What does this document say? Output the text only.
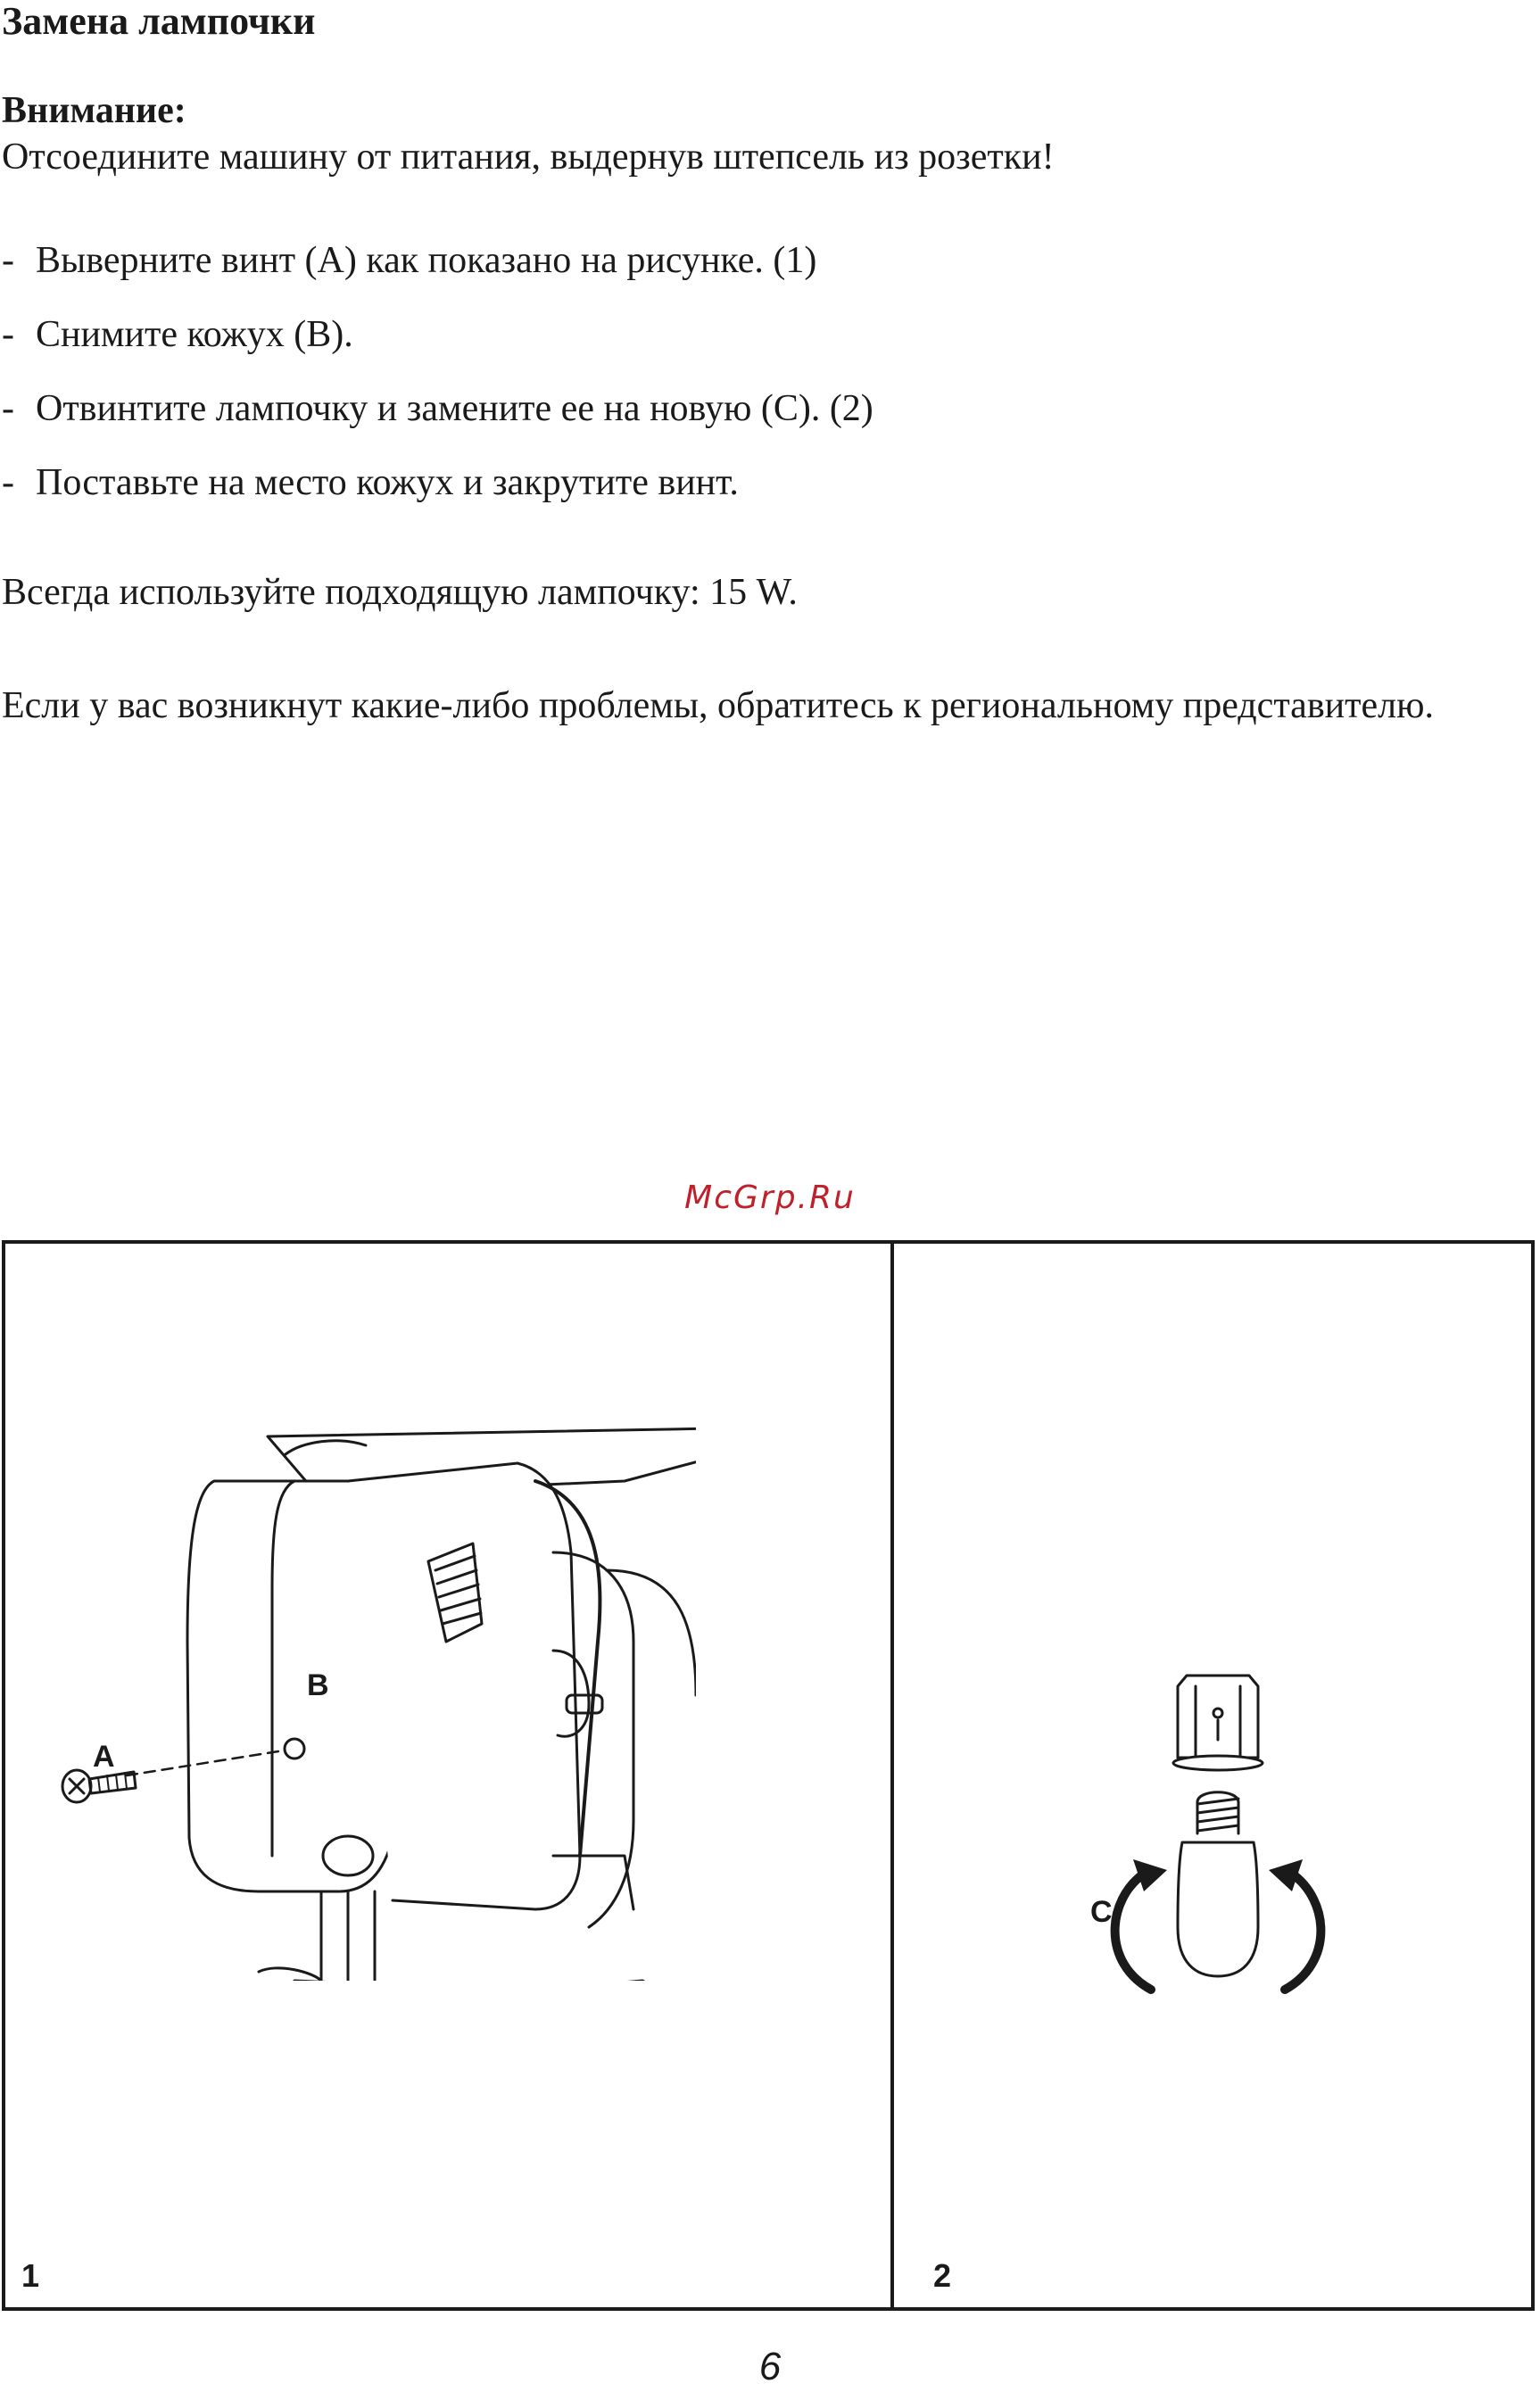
Замена лампочки
Внимание:
Отсоедините машину от питания, выдернув штепсель из розетки!
- Выверните винт (A) как показано на рисунке. (1)
- Снимите кожух (B).
- Отвинтите лампочку и замените ее на новую (C). (2)
- Поставьте на место кожух и закрутите винт.
Всегда используйте подходящую лампочку: 15 W.
Если у вас возникнут какие-либо проблемы, обратитесь к региональному представителю.
McGrp.Ru
A
B
1
C
2
6
